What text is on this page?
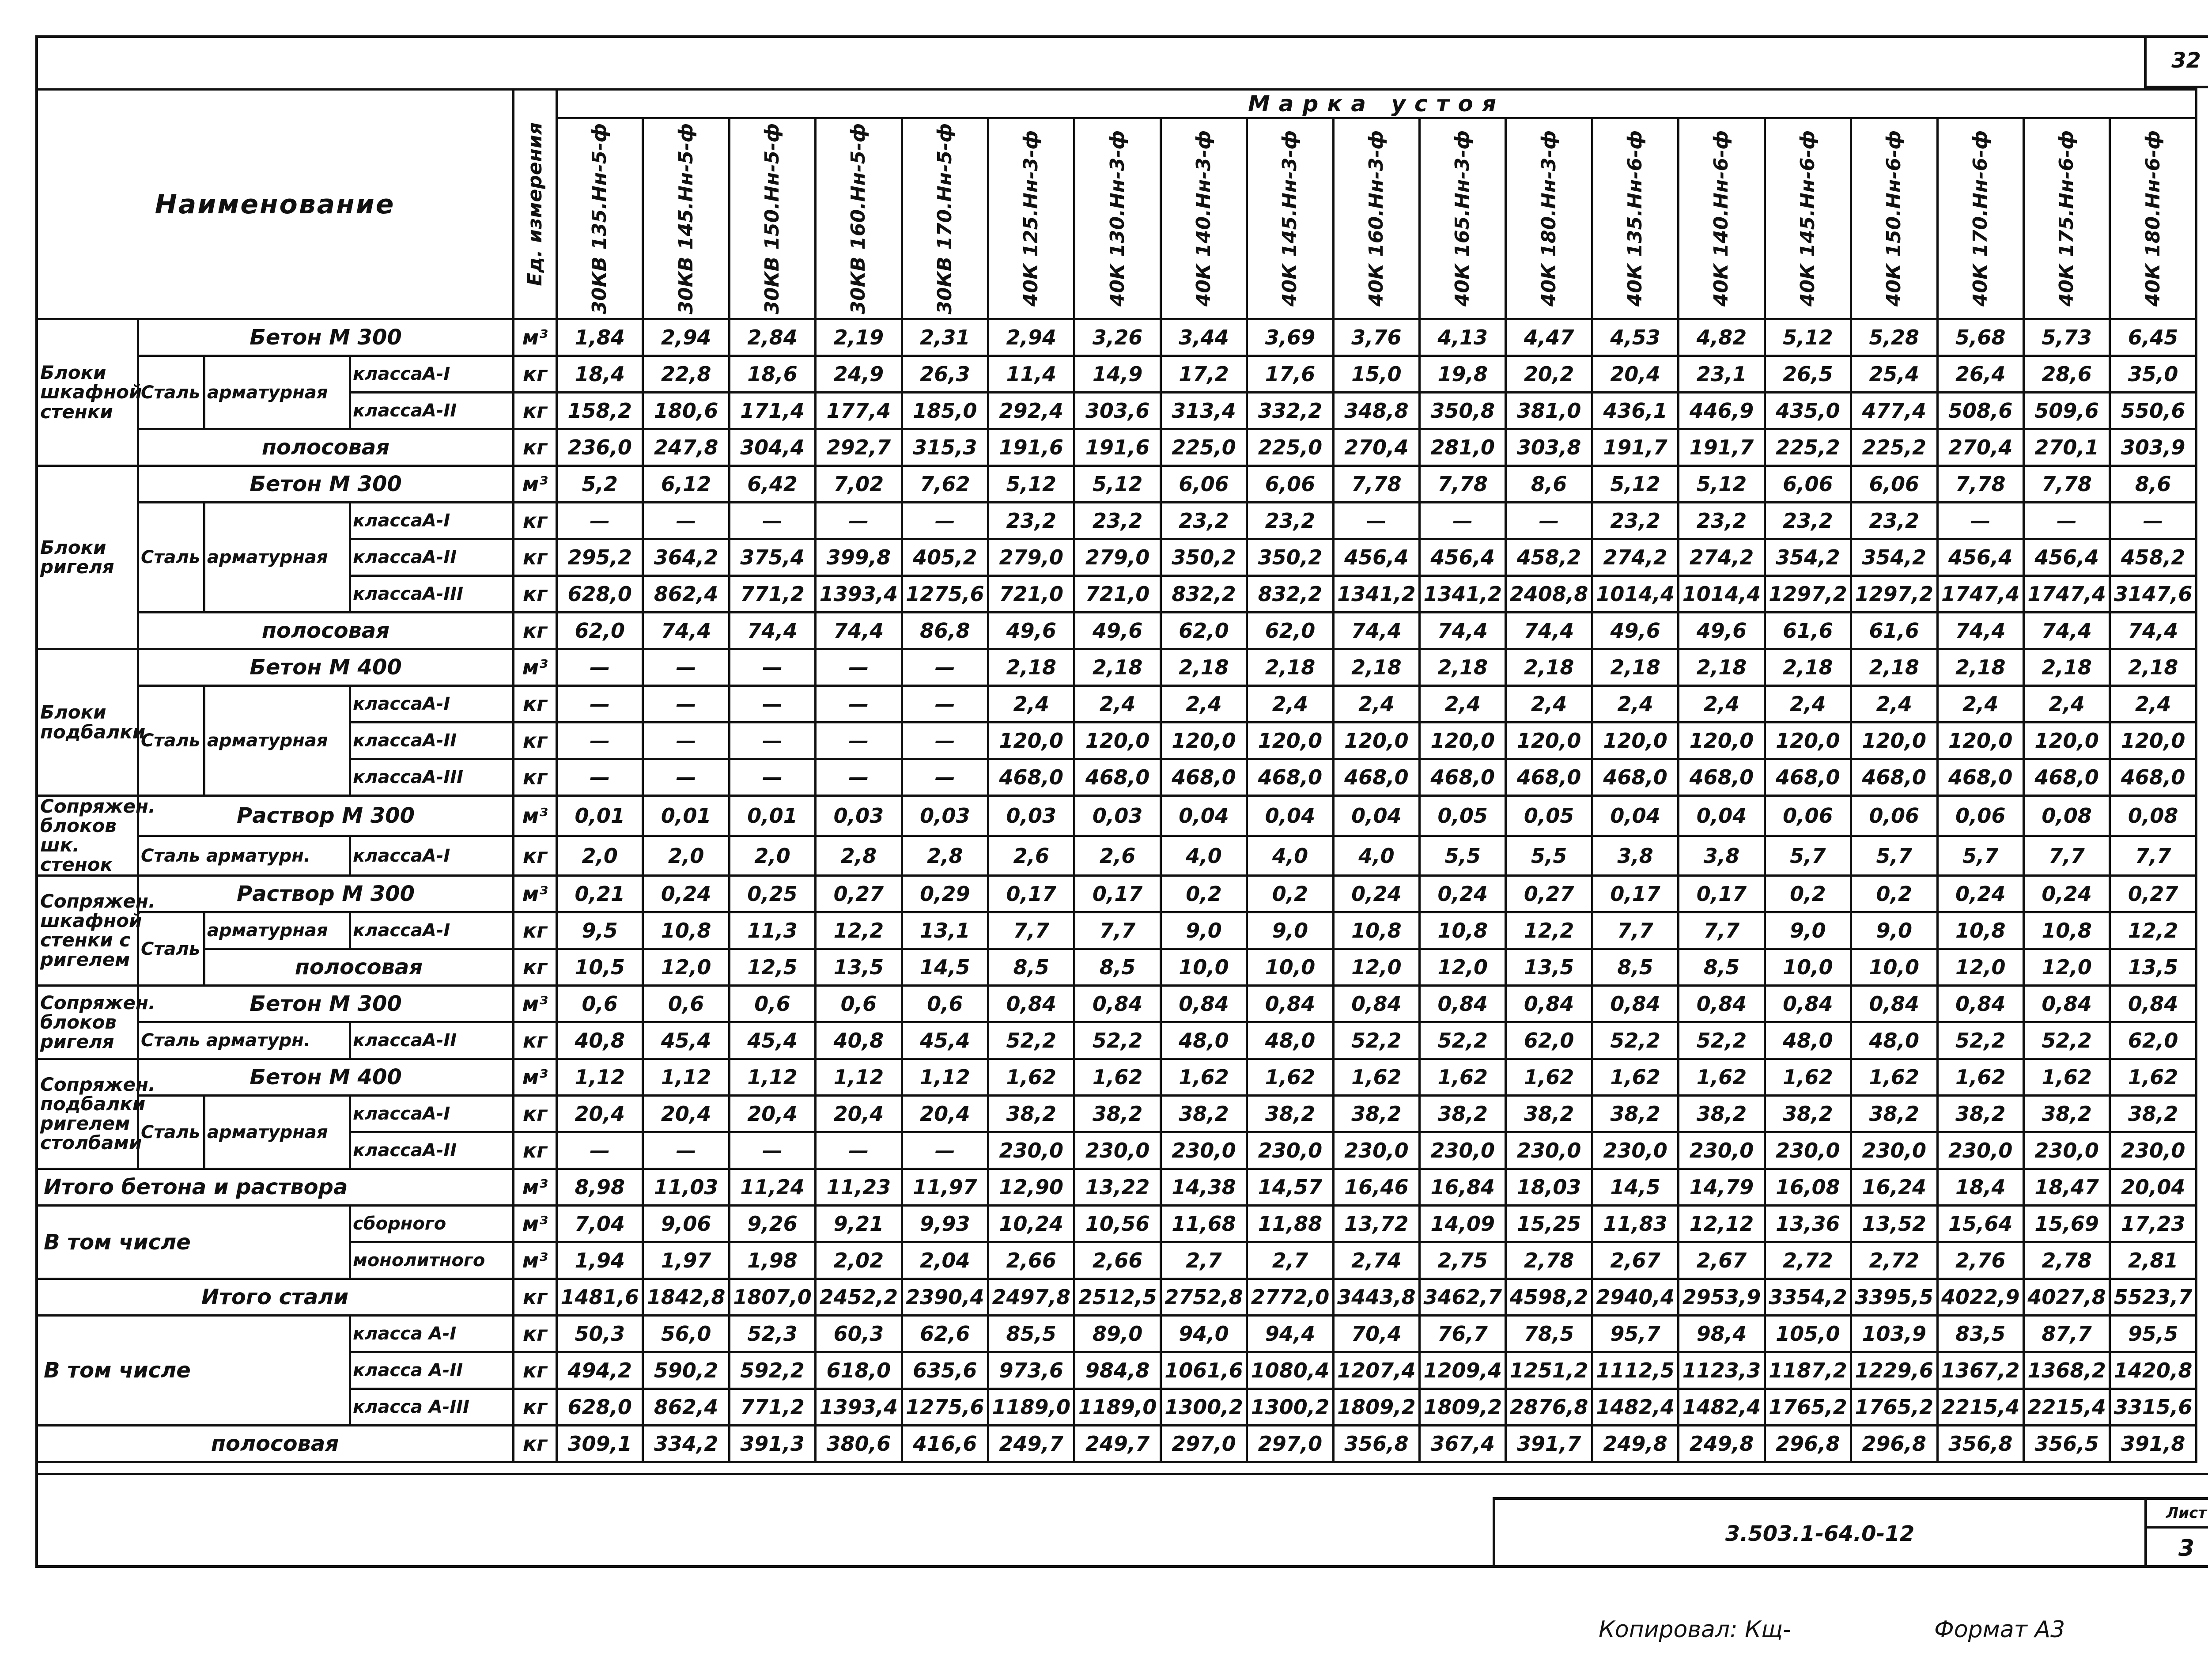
32
Наименование				Ед. измерения	Марка устоя																		

					30КВ 135.Нн-5-ф	30КВ 145.Нн-5-ф	30КВ 150.Нн-5-ф	30КВ 160.Нн-5-ф	30КВ 170.Нн-5-ф	40К 125.Нн-3-ф	40К 130.Нн-3-ф	40К 140.Нн-3-ф	40К 145.Нн-3-ф	40К 160.Нн-3-ф	40К 165.Нн-3-ф	40К 180.Нн-3-ф	40К 135.Нн-6-ф	40К 140.Нн-6-ф	40К 145.Нн-6-ф	40К 150.Нн-6-ф	40К 170.Нн-6-ф	40К 175.Нн-6-ф	40К 180.Нн-6-ф

Блоки шкафной стенки	Бетон М 300			м³	1,84	2,94	2,84	2,19	2,31	2,94	3,26	3,44	3,69	3,76	4,13	4,47	4,53	4,82	5,12	5,28	5,68	5,73	6,45
	Сталь	арматурная	классаА-I	кг	18,4	22,8	18,6	24,9	26,3	11,4	14,9	17,2	17,6	15,0	19,8	20,2	20,4	23,1	26,5	25,4	26,4	28,6	35,0
			классаА-II	кг	158,2	180,6	171,4	177,4	185,0	292,4	303,6	313,4	332,2	348,8	350,8	381,0	436,1	446,9	435,0	477,4	508,6	509,6	550,6
	полосовая			кг	236,0	247,8	304,4	292,7	315,3	191,6	191,6	225,0	225,0	270,4	281,0	303,8	191,7	191,7	225,2	225,2	270,4	270,1	303,9
Блоки ригеля	Бетон М 300			м³	5,2	6,12	6,42	7,02	7,62	5,12	5,12	6,06	6,06	7,78	7,78	8,6	5,12	5,12	6,06	6,06	7,78	7,78	8,6
	Сталь	арматурная	классаА-I	кг	—	—	—	—	—	23,2	23,2	23,2	23,2	—	—	—	23,2	23,2	23,2	23,2	—	—	—
			классаА-II	кг	295,2	364,2	375,4	399,8	405,2	279,0	279,0	350,2	350,2	456,4	456,4	458,2	274,2	274,2	354,2	354,2	456,4	456,4	458,2
			классаА-III	кг	628,0	862,4	771,2	1393,4	1275,6	721,0	721,0	832,2	832,2	1341,2	1341,2	2408,8	1014,4	1014,4	1297,2	1297,2	1747,4	1747,4	3147,6
	полосовая			кг	62,0	74,4	74,4	74,4	86,8	49,6	49,6	62,0	62,0	74,4	74,4	74,4	49,6	49,6	61,6	61,6	74,4	74,4	74,4
Блоки подбалки	Бетон М 400			м³	—	—	—	—	—	2,18	2,18	2,18	2,18	2,18	2,18	2,18	2,18	2,18	2,18	2,18	2,18	2,18	2,18
	Сталь	арматурная	классаА-I	кг	—	—	—	—	—	2,4	2,4	2,4	2,4	2,4	2,4	2,4	2,4	2,4	2,4	2,4	2,4	2,4	2,4
			классаА-II	кг	—	—	—	—	—	120,0	120,0	120,0	120,0	120,0	120,0	120,0	120,0	120,0	120,0	120,0	120,0	120,0	120,0
			классаА-III	кг	—	—	—	—	—	468,0	468,0	468,0	468,0	468,0	468,0	468,0	468,0	468,0	468,0	468,0	468,0	468,0	468,0
Сопряжен. блоков шк. стенок	Раствор М 300			м³	0,01	0,01	0,01	0,03	0,03	0,03	0,03	0,04	0,04	0,04	0,05	0,05	0,04	0,04	0,06	0,06	0,06	0,08	0,08
	Сталь арматурн.		классаА-I	кг	2,0	2,0	2,0	2,8	2,8	2,6	2,6	4,0	4,0	4,0	5,5	5,5	3,8	3,8	5,7	5,7	5,7	7,7	7,7
Сопряжен. шкафной стенки с ригелем	Раствор М 300			м³	0,21	0,24	0,25	0,27	0,29	0,17	0,17	0,2	0,2	0,24	0,24	0,27	0,17	0,17	0,2	0,2	0,24	0,24	0,27
	Сталь	арматурная	классаА-I	кг	9,5	10,8	11,3	12,2	13,1	7,7	7,7	9,0	9,0	10,8	10,8	12,2	7,7	7,7	9,0	9,0	10,8	10,8	12,2
		полосовая		кг	10,5	12,0	12,5	13,5	14,5	8,5	8,5	10,0	10,0	12,0	12,0	13,5	8,5	8,5	10,0	10,0	12,0	12,0	13,5
Сопряжен. блоков ригеля	Бетон М 300			м³	0,6	0,6	0,6	0,6	0,6	0,84	0,84	0,84	0,84	0,84	0,84	0,84	0,84	0,84	0,84	0,84	0,84	0,84	0,84
	Сталь арматурн.		классаА-II	кг	40,8	45,4	45,4	40,8	45,4	52,2	52,2	48,0	48,0	52,2	52,2	62,0	52,2	52,2	48,0	48,0	52,2	52,2	62,0
Сопряжен. подбалки ригелем столбами	Бетон М 400			м³	1,12	1,12	1,12	1,12	1,12	1,62	1,62	1,62	1,62	1,62	1,62	1,62	1,62	1,62	1,62	1,62	1,62	1,62	1,62
	Сталь	арматурная	классаА-I	кг	20,4	20,4	20,4	20,4	20,4	38,2	38,2	38,2	38,2	38,2	38,2	38,2	38,2	38,2	38,2	38,2	38,2	38,2	38,2
			классаА-II	кг	—	—	—	—	—	230,0	230,0	230,0	230,0	230,0	230,0	230,0	230,0	230,0	230,0	230,0	230,0	230,0	230,0
Итого бетона и раствора				м³	8,98	11,03	11,24	11,23	11,97	12,90	13,22	14,38	14,57	16,46	16,84	18,03	14,5	14,79	16,08	16,24	18,4	18,47	20,04
В том числе			сборного	м³	7,04	9,06	9,26	9,21	9,93	10,24	10,56	11,68	11,88	13,72	14,09	15,25	11,83	12,12	13,36	13,52	15,64	15,69	17,23
			монолитного	м³	1,94	1,97	1,98	2,02	2,04	2,66	2,66	2,7	2,7	2,74	2,75	2,78	2,67	2,67	2,72	2,72	2,76	2,78	2,81
Итого стали				кг	1481,6	1842,8	1807,0	2452,2	2390,4	2497,8	2512,5	2752,8	2772,0	3443,8	3462,7	4598,2	2940,4	2953,9	3354,2	3395,5	4022,9	4027,8	5523,7
В том числе			класса А-I	кг	50,3	56,0	52,3	60,3	62,6	85,5	89,0	94,0	94,4	70,4	76,7	78,5	95,7	98,4	105,0	103,9	83,5	87,7	95,5
			класса А-II	кг	494,2	590,2	592,2	618,0	635,6	973,6	984,8	1061,6	1080,4	1207,4	1209,4	1251,2	1112,5	1123,3	1187,2	1229,6	1367,2	1368,2	1420,8
			класса А-III	кг	628,0	862,4	771,2	1393,4	1275,6	1189,0	1189,0	1300,2	1300,2	1809,2	1809,2	2876,8	1482,4	1482,4	1765,2	1765,2	2215,4	2215,4	3315,6
полосовая				кг	309,1	334,2	391,3	380,6	416,6	249,7	249,7	297,0	297,0	356,8	367,4	391,7	249,8	249,8	296,8	296,8	356,8	356,5	391,8
3.503.1-64.0-12
Лист
3
Копировал: Кщ-	Формат А3
